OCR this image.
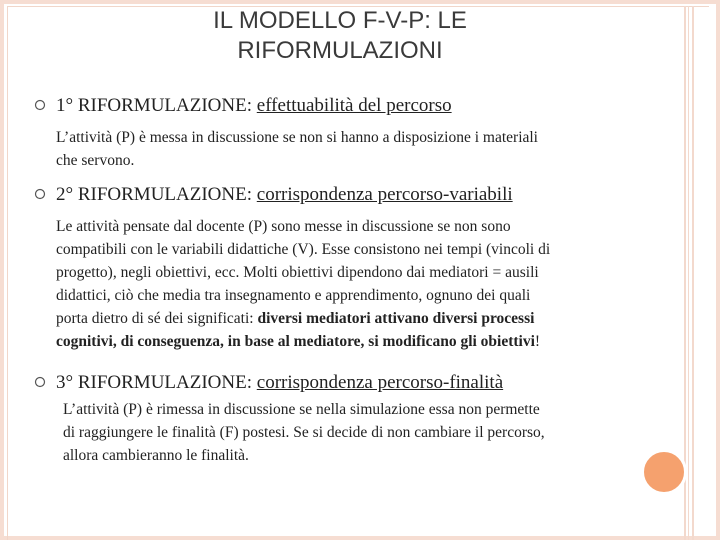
IL MODELLO F-V-P: LE
RIFORMULAZIONI
1° RIFORMULAZIONE: effettuabilità del percorso
L’attività (P) è messa in discussione se non si hanno a disposizione i materiali
che servono.
2° RIFORMULAZIONE: corrispondenza percorso-variabili
Le attività pensate dal docente (P) sono messe in discussione se non sono
compatibili con le variabili didattiche (V). Esse consistono nei tempi (vincoli di
progetto), negli obiettivi, ecc. Molti obiettivi dipendono dai mediatori = ausili
didattici, ciò che media tra insegnamento e apprendimento, ognuno dei quali
porta dietro di sé dei significati: diversi mediatori attivano diversi processi
cognitivi, di conseguenza, in base al mediatore, si modificano gli obiettivi!
3° RIFORMULAZIONE: corrispondenza percorso-finalità
L’attività (P) è rimessa in discussione se nella simulazione essa non permette
di raggiungere le finalità (F) postesi. Se si decide di non cambiare il percorso,
allora cambieranno le finalità.
